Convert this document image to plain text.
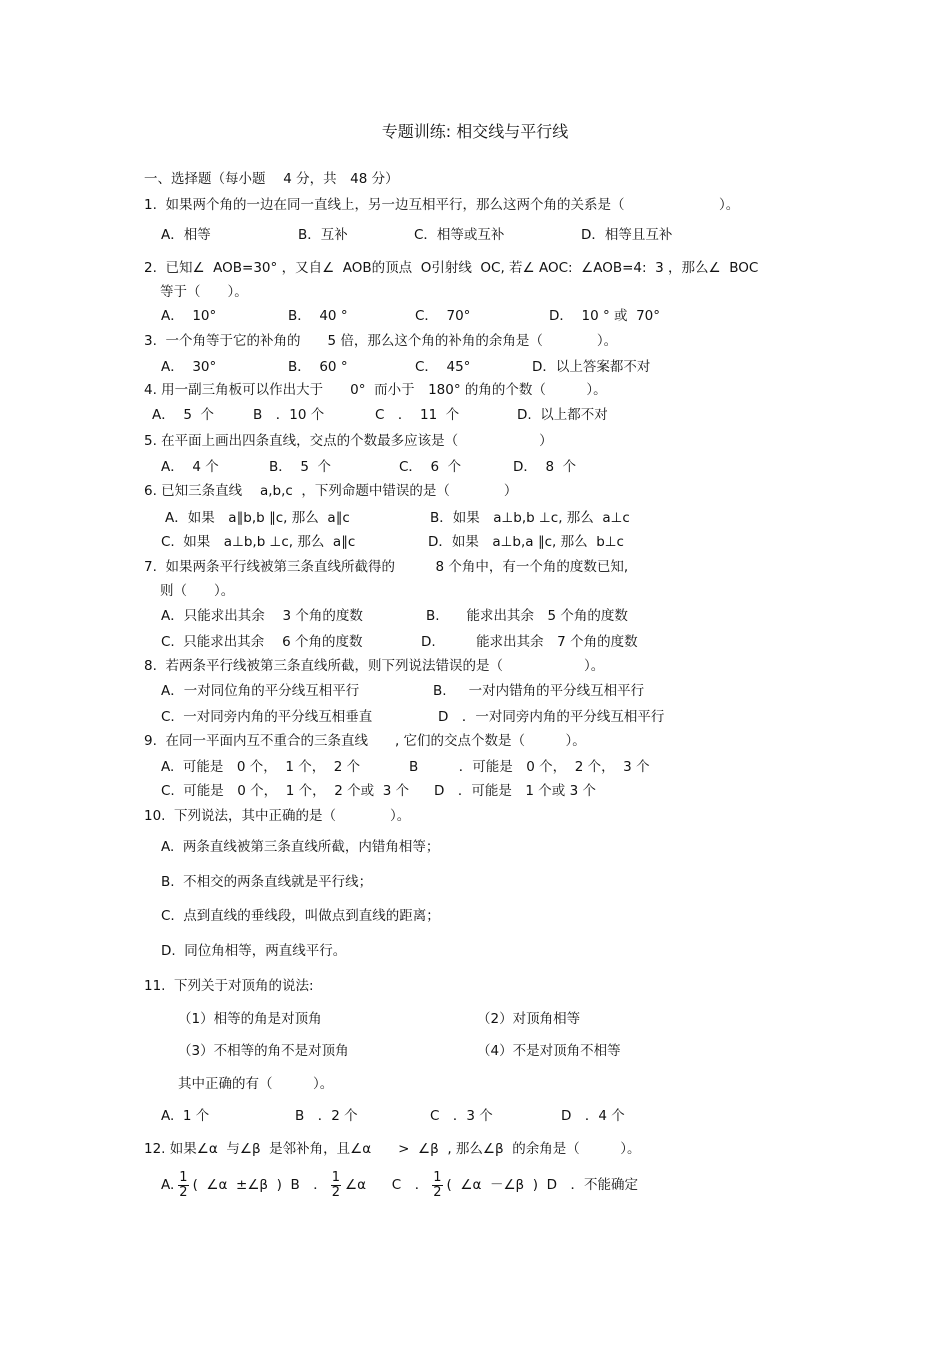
专题训练: 相交线与平行线
一、选择题（每小题　 4 分，共　48 分）
1.  如果两个角的一边在同一直线上，另一边互相平行，那么这两个角的关系是（　　　　　　　）。
A．相等	B．互补	C．相等或互补	D．相等且互补
2.  已知∠  AOB=30° ，又自∠  AOB的顶点  O引射线  OC, 若∠ AOC:  ∠AOB=4:  3 ，那么∠  BOC
等于（　　）。
A．  10°	B．  40 °	C．  70°	D．  10 ° 或  70°
3.  一个角等于它的补角的　　5 倍，那么这个角的补角的余角是（　　　　）。
A．  30°	B．  60 °	C．  45°	D．以上答案都不对
4. 用一副三角板可以作出大于　　0°  而小于　180° 的角的个数（　　　）。
A．  5  个	B　．10 个	C　．  11  个	D.  以上都不对
5. 在平面上画出四条直线，交点的个数最多应该是（　　　　　　）
A．  4 个	B．  5  个	C．  6  个	D．  8  个
6. 已知三条直线　 a,b,c  ，下列命题中错误的是（　　　　）
A．如果　a∥b,b ∥c, 那么  a∥c	B．如果　a⊥b,b ⊥c, 那么  a⊥c
C.  如果　a⊥b,b ⊥c, 那么  a∥c	D．如果　a⊥b,a ∥c, 那么  b⊥c
7.  如果两条平行线被第三条直线所截得的　　　8 个角中，有一个角的度数已知,
则（　　）。
A．只能求出其余　 3 个角的度数	B.　　能求出其余　5 个角的度数
C.  只能求出其余　 6 个角的度数	D.　　　能求出其余　7 个角的度数
8.  若两条平行线被第三条直线所截，则下列说法错误的是（　　　　　　）。
A．一对同位角的平分线互相平行	B.　  一对内错角的平分线互相平行
C.  一对同旁内角的平分线互相垂直	D　．一对同旁内角的平分线互相平行
9.  在同一平面内互不重合的三条直线　　, 它们的交点个数是（　　　）。
A.  可能是　0 个，  1 个，  2 个	B　　　．可能是　0 个，  2 个，  3 个
C.  可能是　0 个，  1 个，  2 个或  3 个 D　．可能是　1 个或 3 个
10.  下列说法，其中正确的是（　　　　）。
A.  两条直线被第三条直线所截，内错角相等；
B.  不相交的两条直线就是平行线；
C.  点到直线的垂线段，叫做点到直线的距离；
D.  同位角相等，两直线平行。
11.  下列关于对顶角的说法:
（1）相等的角是对顶角	（2）对顶角相等
（3）不相等的角不是对顶角	（4）不是对顶角不相等
其中正确的有（　　　）。
A.  1 个	B　．2 个	C　．3 个	D　．4 个
12. 如果∠α  与∠β  是邻补角，且∠α　　>  ∠β  , 那么∠β  的余角是（　　　）。
A. $\frac{1}{2}$ (  ∠α  ±∠β  ) B　． $\frac{1}{2}$ ∠α C　． $\frac{1}{2}$ (  ∠α  －∠β  ) D　．不能确定
